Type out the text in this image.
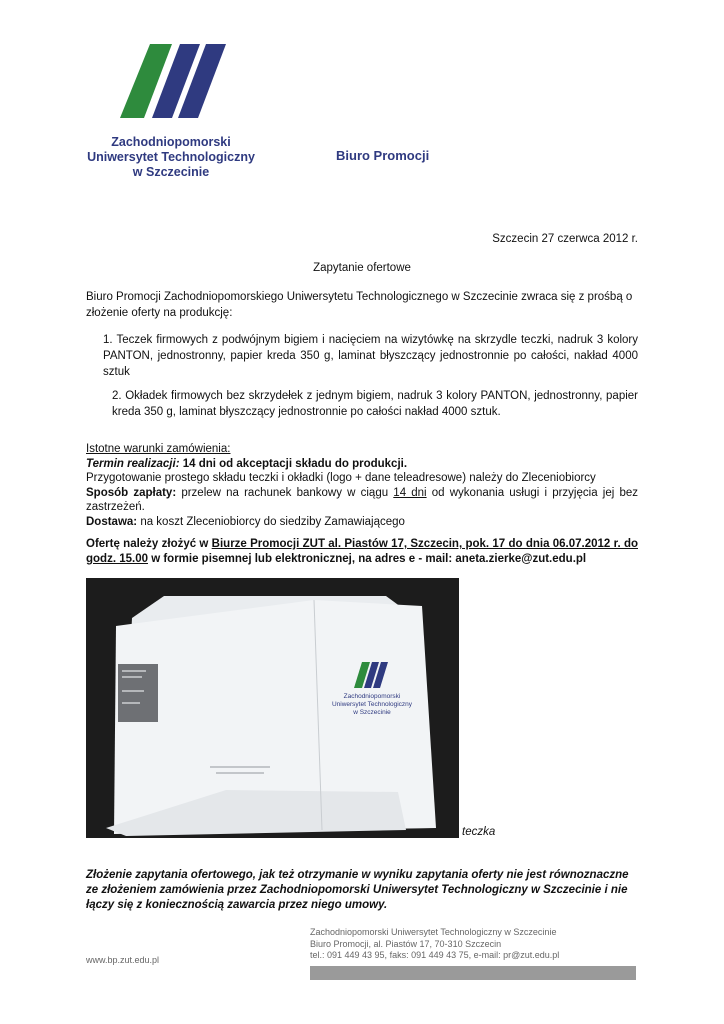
Zachodniopomorski
Uniwersytet Technologiczny
w Szczecinie
Biuro Promocji
Szczecin 27 czerwca 2012 r.
Zapytanie ofertowe
Biuro Promocji Zachodniopomorskiego Uniwersytetu Technologicznego w Szczecinie zwraca się z prośbą o złożenie oferty na produkcję:
1. Teczek firmowych z podwójnym bigiem i nacięciem na wizytówkę na skrzydle teczki, nadruk 3 kolory PANTON, jednostronny, papier kreda 350 g, laminat błyszczący jednostronnie po całości, nakład 4000 sztuk
2. Okładek firmowych bez skrzydełek z jednym bigiem, nadruk 3 kolory PANTON, jednostronny, papier kreda 350 g, laminat błyszczący jednostronnie po całości nakład 4000 sztuk.
Istotne warunki zamówienia:
Termin realizacji: 14 dni od akceptacji składu do produkcji.
Przygotowanie prostego składu teczki i okładki (logo + dane teleadresowe) należy do Zleceniobiorcy
Sposób zapłaty: przelew na rachunek bankowy w ciągu 14 dni od wykonania usługi i przyjęcia jej bez zastrzeżeń.
Dostawa: na koszt Zleceniobiorcy do siedziby Zamawiającego
Ofertę należy złożyć w Biurze Promocji ZUT al. Piastów 17, Szczecin, pok. 17 do dnia 06.07.2012 r. do godz. 15.00 w formie pisemnej lub elektronicznej, na adres e - mail: aneta.zierke@zut.edu.pl
Zachodniopomorski
Uniwersytet Technologiczny
w Szczecinie
teczka
Złożenie zapytania ofertowego, jak też otrzymanie w wyniku zapytania oferty nie jest równoznaczne ze złożeniem zamówienia przez Zachodniopomorski Uniwersytet Technologiczny w Szczecinie i nie łączy się z koniecznością zawarcia przez niego umowy.
Zachodniopomorski Uniwersytet Technologiczny w Szczecinie
Biuro Promocji, al. Piastów 17, 70-310 Szczecin
tel.: 091 449 43 95, faks: 091 449 43 75, e-mail: pr@zut.edu.pl
www.bp.zut.edu.pl
